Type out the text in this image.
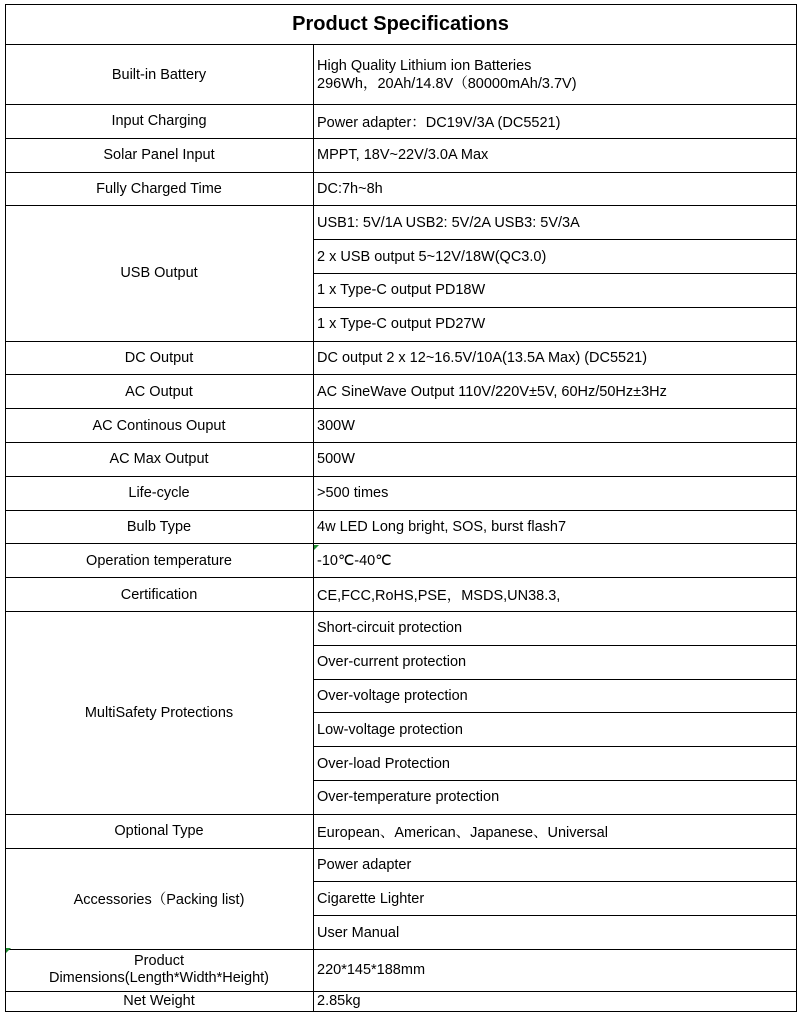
Product Specifications	
Built-in Battery	High Quality Lithium ion Batteries
296Wh，20Ah/14.8V（80000mAh/3.7V)

Input Charging	Power adapter：DC19V/3A (DC5521)
Solar Panel Input	MPPT, 18V~22V/3.0A Max
Fully Charged Time	DC:7h~8h
USB Output	USB1: 5V/1A USB2: 5V/2A USB3: 5V/3A
	2 x USB output 5~12V/18W(QC3.0)
	1 x Type-C output PD18W
	1 x Type-C output PD27W
DC Output	DC output 2 x 12~16.5V/10A(13.5A Max) (DC5521)
AC Output	AC SineWave Output 110V/220V±5V, 60Hz/50Hz±3Hz
AC Continous Ouput	300W
AC Max Output	500W
Life-cycle	>500 times
Bulb Type	4w LED Long bright, SOS, burst flash7
Operation temperature	-10℃-40℃
Certification	CE,FCC,RoHS,PSE，MSDS,UN38.3,
MultiSafety Protections	Short-circuit protection
	Over-current protection
	Over-voltage protection
	Low-voltage protection
	Over-load Protection
	Over-temperature protection
Optional Type	European、American、Japanese、Universal
Accessories（Packing list)	Power adapter
	Cigarette Lighter
	User Manual

Product
Dimensions(Length*Width*Height)	220*145*188mm
Net Weight	2.85kg
